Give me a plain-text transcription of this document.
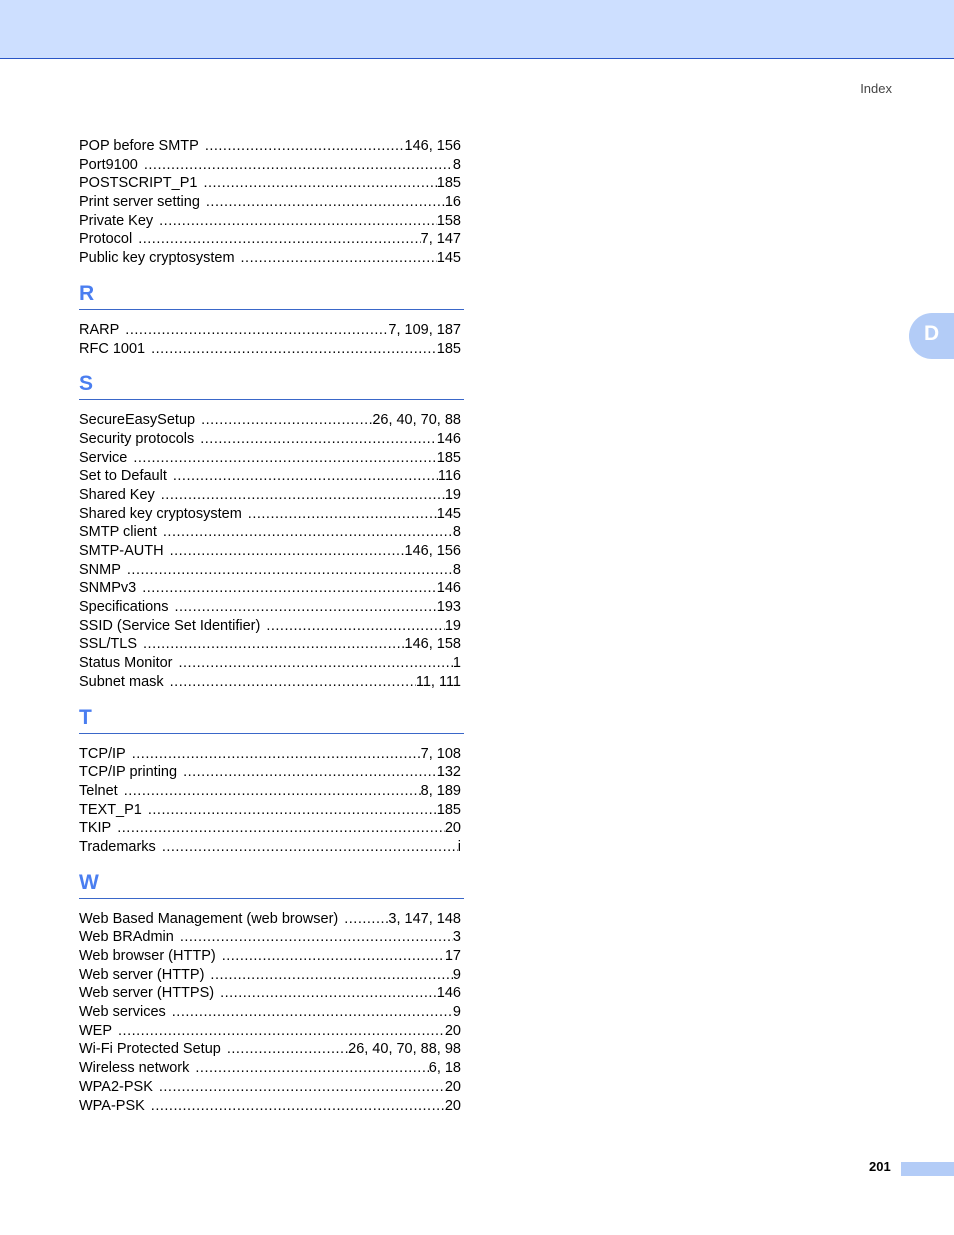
Index
D
POP before SMTP .....	146, 156
Port9100 .....	8
POSTSCRIPT_P1 .....	185
Print server setting .....	16
Private Key .....	158
Protocol .....	7, 147
Public key cryptosystem .....	145
R
RARP .....	7, 109, 187
RFC 1001 .....	185
S
SecureEasySetup .....	26, 40, 70, 88
Security protocols .....	146
Service .....	185
Set to Default .....	116
Shared Key .....	19
Shared key cryptosystem .....	145
SMTP client .....	8
SMTP-AUTH .....	146, 156
SNMP .....	8
SNMPv3 .....	146
Specifications .....	193
SSID (Service Set Identifier) .....	19
SSL/TLS .....	146, 158
Status Monitor .....	1
Subnet mask .....	11, 111
T
TCP/IP .....	7, 108
TCP/IP printing .....	132
Telnet .....	8, 189
TEXT_P1 .....	185
TKIP .....	20
Trademarks .....	i
W
Web Based Management (web browser) .....	3, 147, 148
Web BRAdmin .....	3
Web browser (HTTP) .....	17
Web server (HTTP) .....	9
Web server (HTTPS) .....	146
Web services .....	9
WEP .....	20
Wi-Fi Protected Setup .....	26, 40, 70, 88, 98
Wireless network .....	6, 18
WPA2-PSK .....	20
WPA-PSK .....	20
201
